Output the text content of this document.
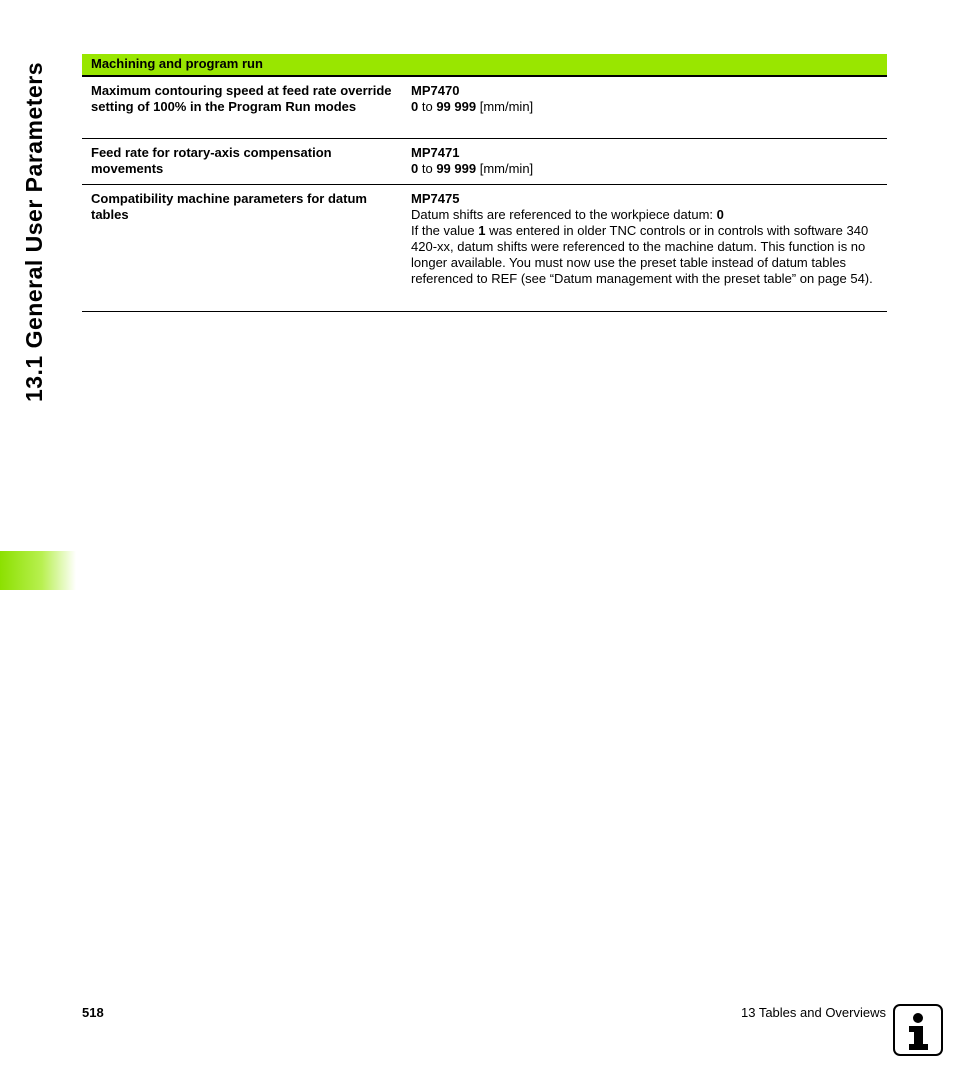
13.1 General User Parameters	Machining and program run
Maximum contouring speed at feed rate override setting of 100% in the Program Run modes
MP7470
0 to 99 999 [mm/min]
Feed rate for rotary-axis compensation movements
MP7471
0 to 99 999 [mm/min]
Compatibility machine parameters for datum tables
MP7475
Datum shifts are referenced to the workpiece datum: 0
If the value 1 was entered in older TNC controls or in controls with software 340 420-xx, datum shifts were referenced to the machine datum. This function is no longer available. You must now use the preset table instead of datum tables referenced to REF (see “Datum management with the preset table” on page 54).
518	13 Tables and Overviews
